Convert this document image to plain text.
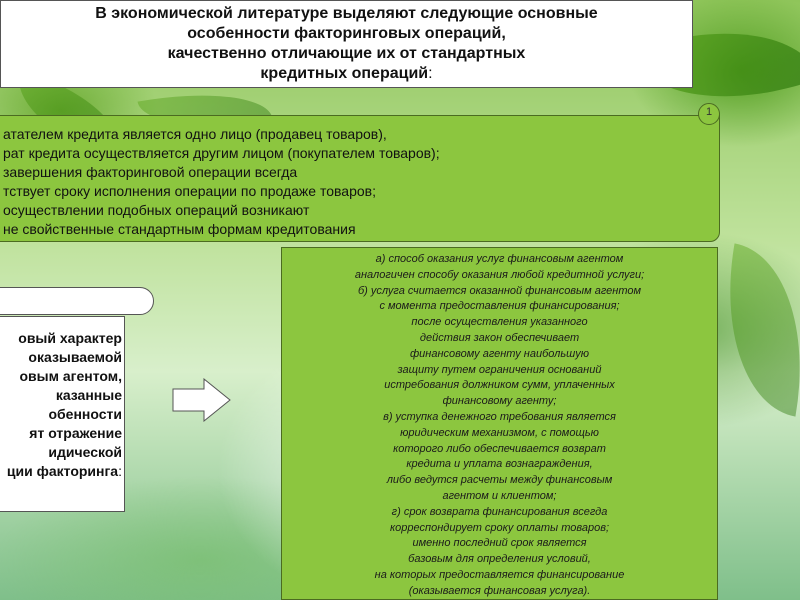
В экономической литературе выделяют следующие основные
особенности факторинговых операций,
качественно отличающие их от стандартных
кредитных операций:
1
атателем кредита является одно лицо (продавец товаров),
рат кредита осуществляется другим лицом (покупателем товаров);
завершения факторинговой операции всегда
тствует сроку исполнения операции по продаже товаров;
осуществлении подобных операций возникают
не свойственные стандартным формам кредитования
овый характер
оказываемой
овым агентом,
казанные
обенности
ят отражение
идической
ции факторинга:
а) способ оказания услуг финансовым агентом
аналогичен способу оказания любой кредитной услуги;
б) услуга считается оказанной финансовым агентом
с момента предоставления финансирования;
после осуществления указанного
действия закон обеспечивает
финансовому агенту наибольшую
защиту путем ограничения оснований
истребования должником сумм, уплаченных
финансовому агенту;
в) уступка денежного требования является
юридическим механизмом, с помощью
которого либо обеспечивается возврат
кредита и уплата вознаграждения,
либо ведутся расчеты между финансовым
агентом и клиентом;
г) срок возврата финансирования всегда
корреспондирует сроку оплаты товаров;
именно последний срок является
базовым для определения условий,
на которых предоставляется финансирование
(оказывается финансовая услуга).
